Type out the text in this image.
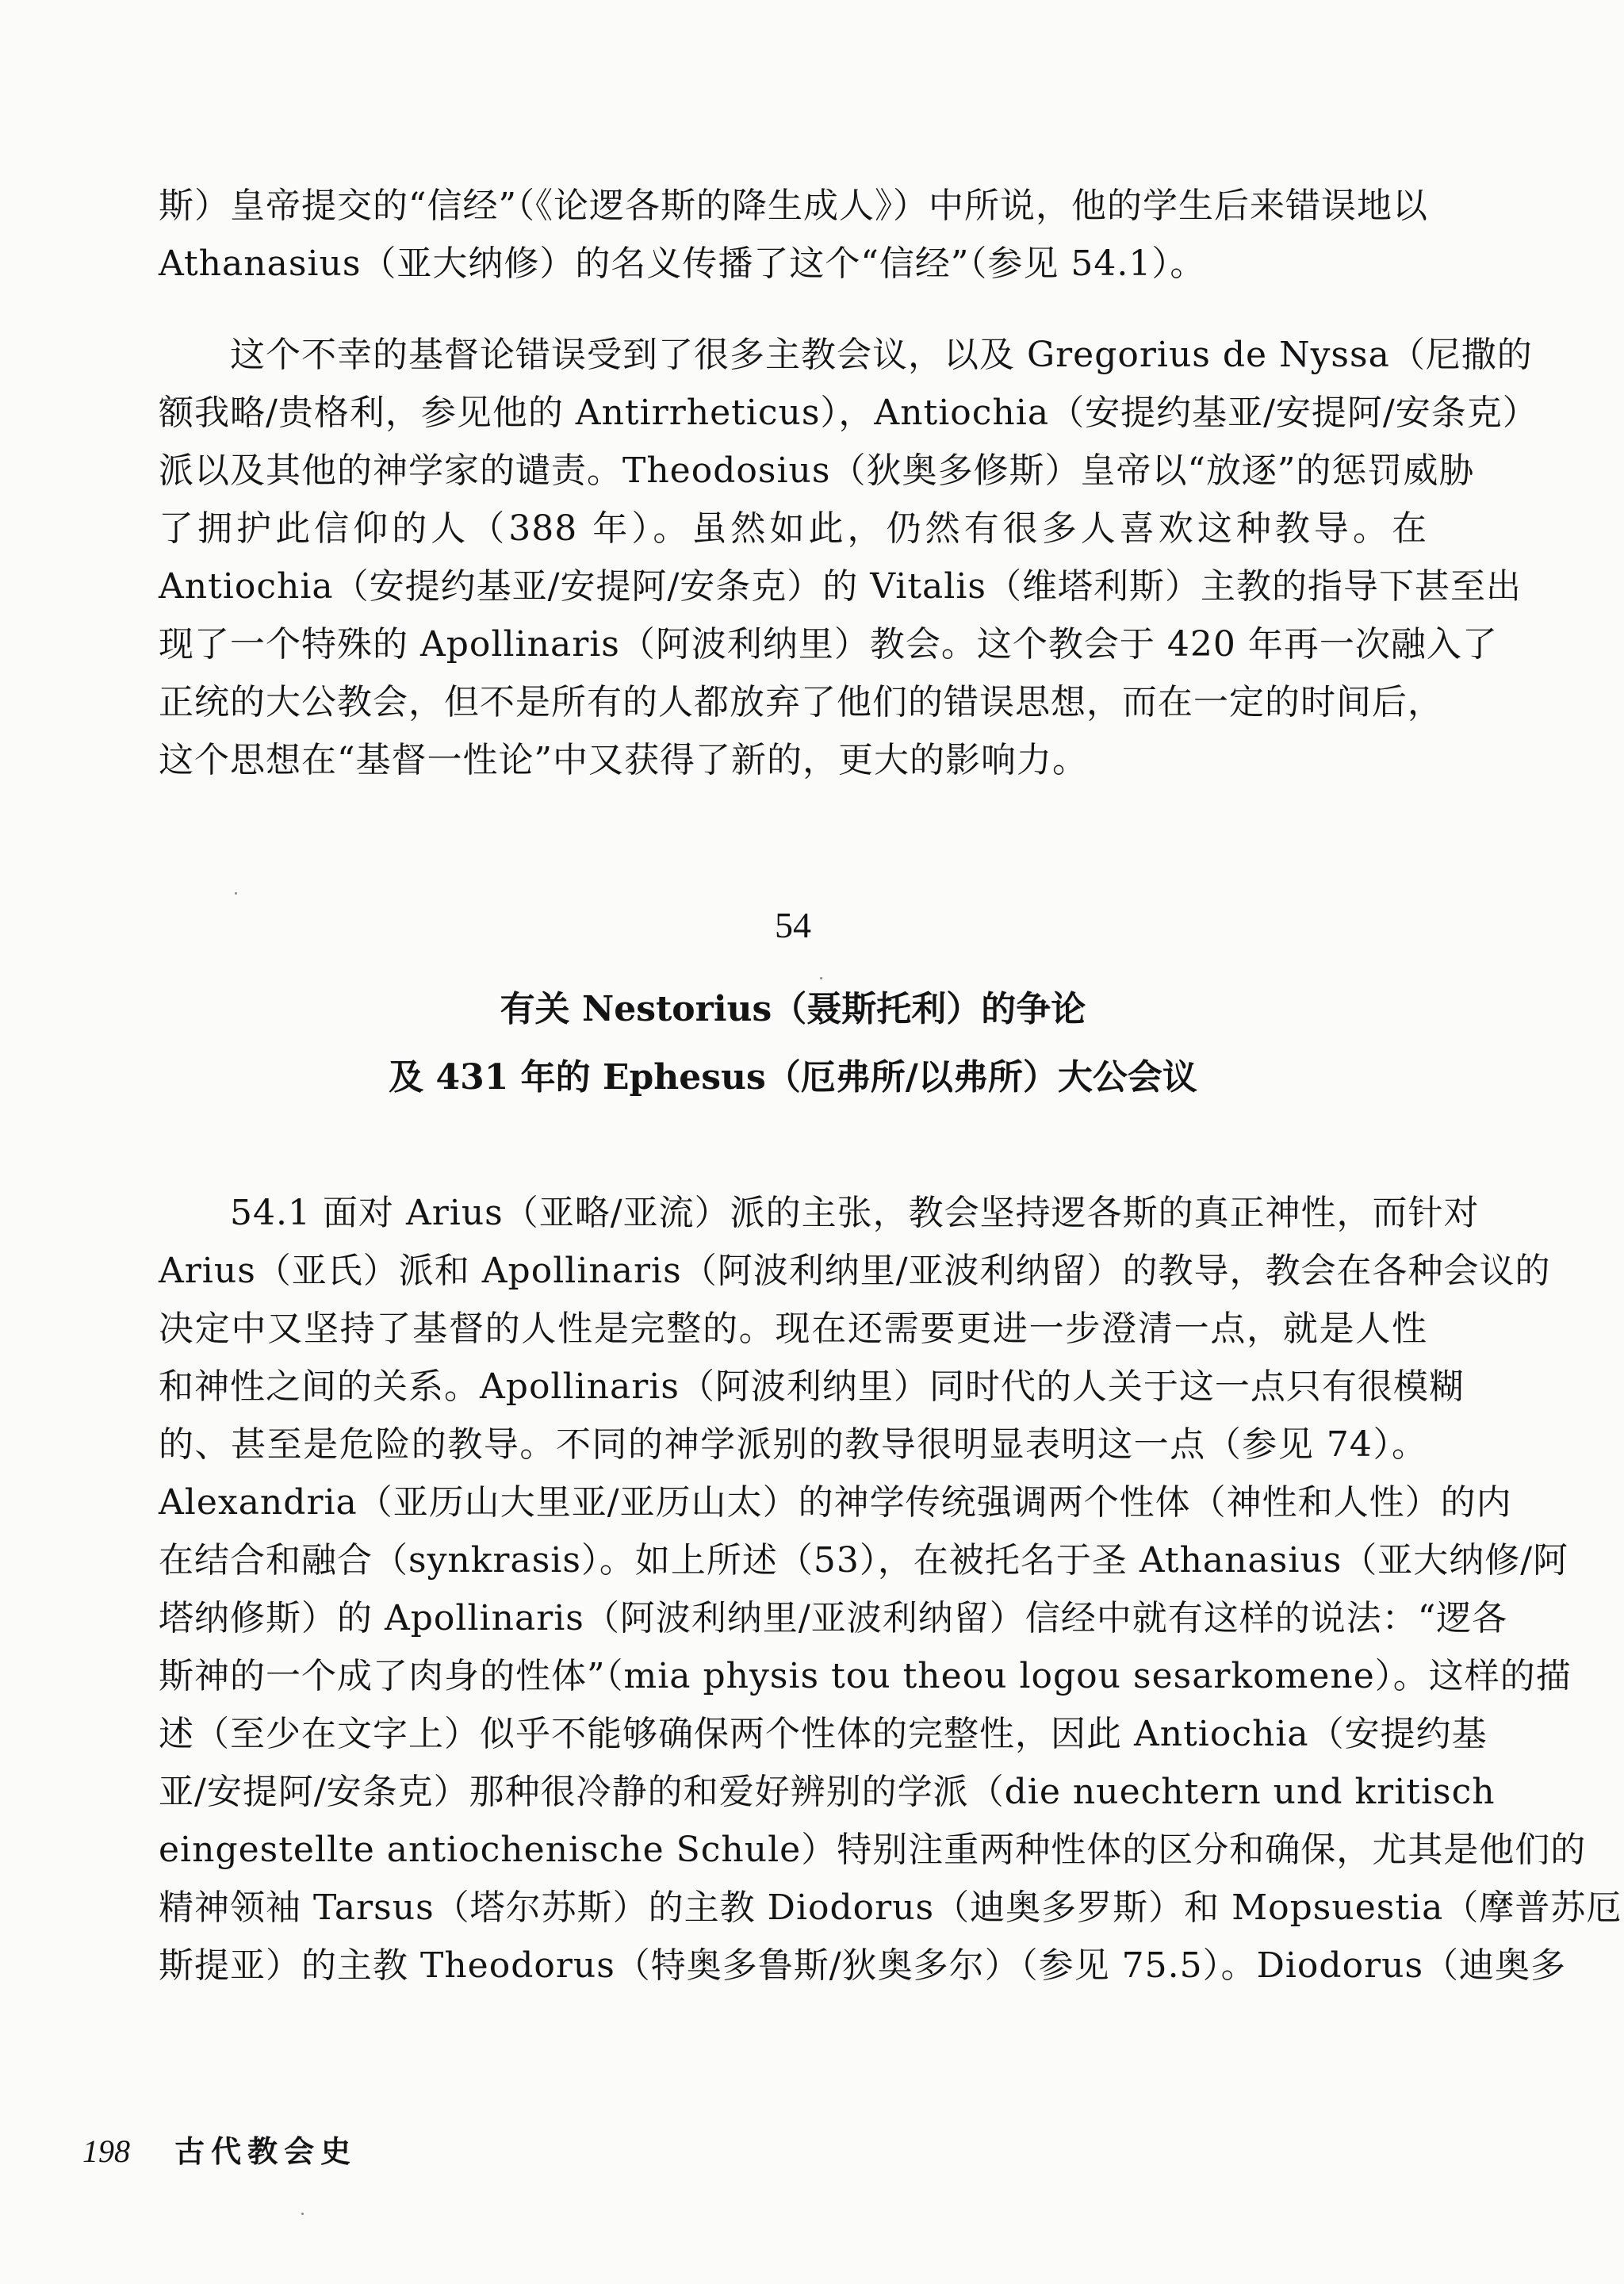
斯）皇帝提交的“信经”（《论逻各斯的降生成人》）中所说，他的学生后来错误地以
Athanasius（亚大纳修）的名义传播了这个“信经”（参见 54.1）。
这个不幸的基督论错误受到了很多主教会议，以及 Gregorius de Nyssa（尼撒的
额我略/贵格利，参见他的 Antirrheticus），Antiochia（安提约基亚/安提阿/安条克）
派以及其他的神学家的谴责。Theodosius（狄奥多修斯）皇帝以“放逐”的惩罚威胁
了拥护此信仰的人（388 年）。虽然如此，仍然有很多人喜欢这种教导。在
Antiochia（安提约基亚/安提阿/安条克）的 Vitalis（维塔利斯）主教的指导下甚至出
现了一个特殊的 Apollinaris（阿波利纳里）教会。这个教会于 420 年再一次融入了
正统的大公教会，但不是所有的人都放弃了他们的错误思想，而在一定的时间后，
这个思想在“基督一性论”中又获得了新的，更大的影响力。
54
有关 Nestorius（聂斯托利）的争论
及 431 年的 Ephesus（厄弗所/以弗所）大公会议
54.1 面对 Arius（亚略/亚流）派的主张，教会坚持逻各斯的真正神性，而针对
Arius（亚氏）派和 Apollinaris（阿波利纳里/亚波利纳留）的教导，教会在各种会议的
决定中又坚持了基督的人性是完整的。现在还需要更进一步澄清一点，就是人性
和神性之间的关系。Apollinaris（阿波利纳里）同时代的人关于这一点只有很模糊
的、甚至是危险的教导。不同的神学派别的教导很明显表明这一点（参见 74）。
Alexandria（亚历山大里亚/亚历山太）的神学传统强调两个性体（神性和人性）的内
在结合和融合（synkrasis）。如上所述（53），在被托名于圣 Athanasius（亚大纳修/阿
塔纳修斯）的 Apollinaris（阿波利纳里/亚波利纳留）信经中就有这样的说法：“逻各
斯神的一个成了肉身的性体”（mia physis tou theou logou sesarkomene）。这样的描
述（至少在文字上）似乎不能够确保两个性体的完整性，因此 Antiochia（安提约基
亚/安提阿/安条克）那种很冷静的和爱好辨别的学派（die nuechtern und kritisch
eingestellte antiochenische Schule）特别注重两种性体的区分和确保，尤其是他们的
精神领袖 Tarsus（塔尔苏斯）的主教 Diodorus（迪奥多罗斯）和 Mopsuestia（摩普苏厄
斯提亚）的主教 Theodorus（特奥多鲁斯/狄奥多尔）（参见 75.5）。Diodorus（迪奥多
198 古代教会史
